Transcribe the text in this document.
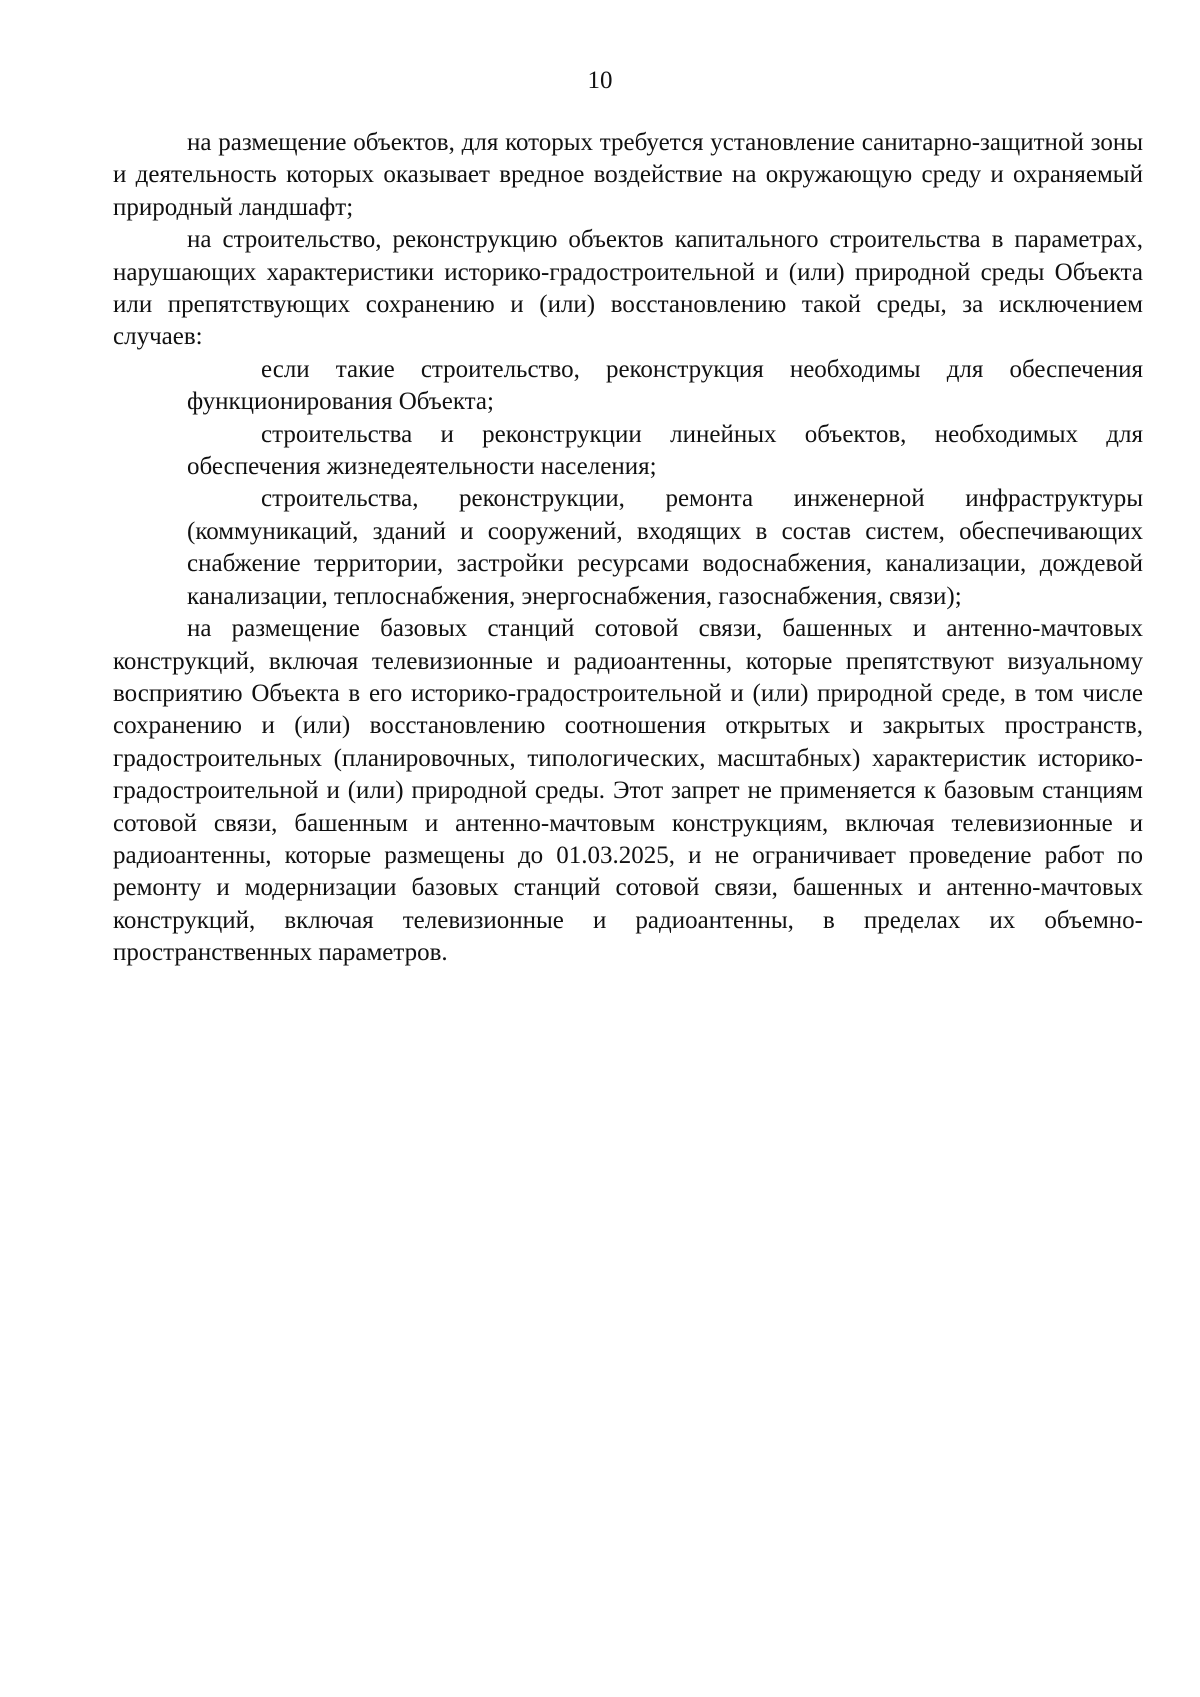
10

на размещение объектов, для которых требуется установление санитарно-защитной зоны и деятельность которых оказывает вредное воздействие на окружающую среду и охраняемый природный ландшафт;

на строительство, реконструкцию объектов капитального строительства в параметрах, нарушающих характеристики историко-градостроительной и (или) природной среды Объекта или препятствующих сохранению и (или) восстановлению такой среды, за исключением случаев:

если такие строительство, реконструкция необходимы для обеспечения функционирования Объекта;

строительства и реконструкции линейных объектов, необходимых для обеспечения жизнедеятельности населения;

строительства, реконструкции, ремонта инженерной инфраструктуры (коммуникаций, зданий и сооружений, входящих в состав систем, обеспечивающих снабжение территории, застройки ресурсами водоснабжения, канализации, дождевой канализации, теплоснабжения, энергоснабжения, газоснабжения, связи);

на размещение базовых станций сотовой связи, башенных и антенно-мачтовых конструкций, включая телевизионные и радиоантенны, которые препятствуют визуальному восприятию Объекта в его историко-градостроительной и (или) природной среде, в том числе сохранению и (или) восстановлению соотношения открытых и закрытых пространств, градостроительных (планировочных, типологических, масштабных) характеристик историко-градостроительной и (или) природной среды. Этот запрет не применяется к базовым станциям сотовой связи, башенным и антенно-мачтовым конструкциям, включая телевизионные и радиоантенны, которые размещены до 01.03.2025, и не ограничивает проведение работ по ремонту и модернизации базовых станций сотовой связи, башенных и антенно-мачтовых конструкций, включая телевизионные и радиоантенны, в пределах их объемно-пространственных параметров.
